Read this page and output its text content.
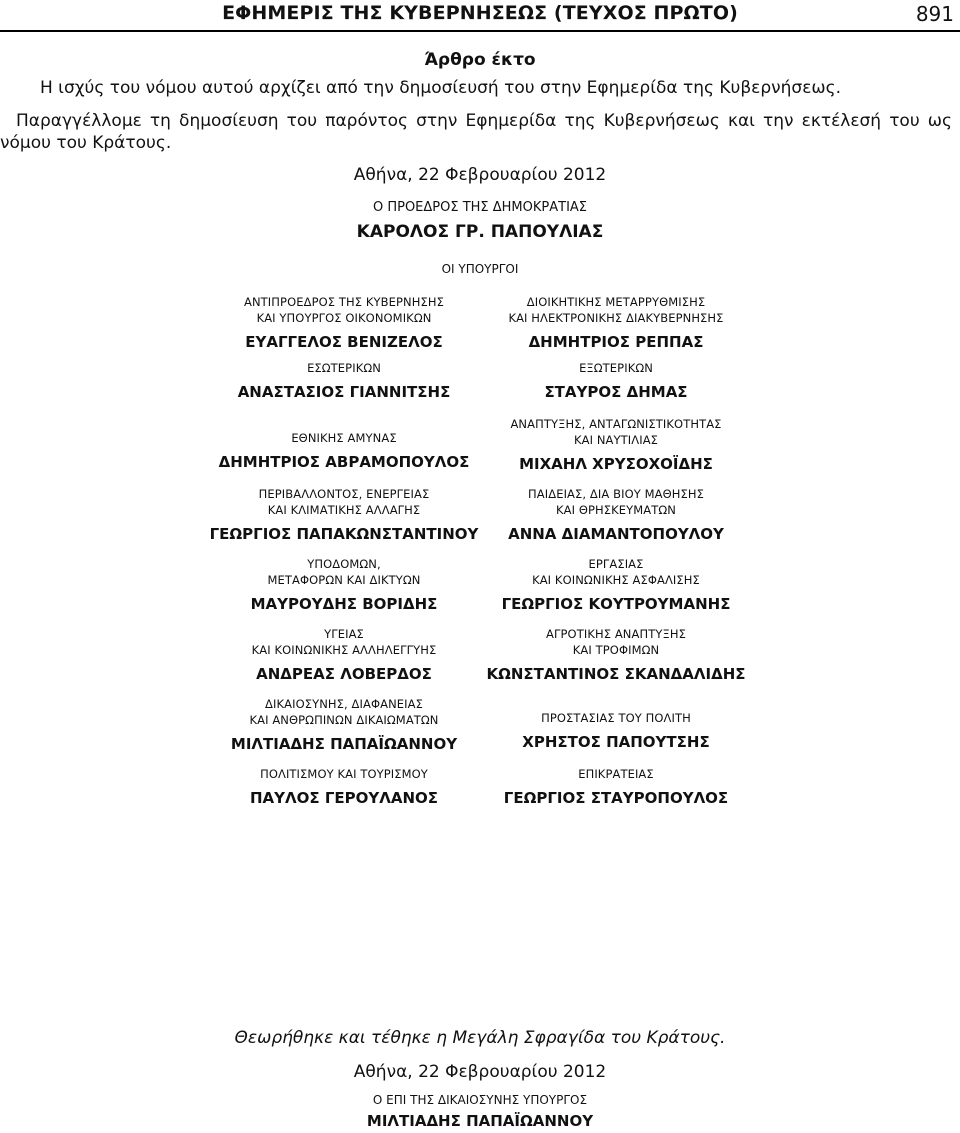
ΕΦΗΜΕΡΙΣ ΤΗΣ ΚΥΒΕΡΝΗΣΕΩΣ (ΤΕΥΧΟΣ ΠΡΩΤΟ)	891
Άρθρο έκτο
Η ισχύς του νόμου αυτού αρχίζει από την δημοσίευσή του στην Εφημερίδα της Κυβερνήσεως.
Παραγγέλλομε τη δημοσίευση του παρόντος στην Εφημερίδα της Κυβερνήσεως και την εκτέλεσή του ως νόμου του Κράτους.
Αθήνα, 22 Φεβρουαρίου 2012
Ο ΠΡΟΕΔΡΟΣ ΤΗΣ ΔΗΜΟΚΡΑΤΙΑΣ
ΚΑΡΟΛΟΣ ΓΡ. ΠΑΠΟΥΛΙΑΣ
ΟΙ ΥΠΟΥΡΓΟΙ
ΑΝΤΙΠΡΟΕΔΡΟΣ ΤΗΣ ΚΥΒΕΡΝΗΣΗΣ
ΚΑΙ ΥΠΟΥΡΓΟΣ ΟΙΚΟΝΟΜΙΚΩΝ
ΕΥΑΓΓΕΛΟΣ ΒΕΝΙΖΕΛΟΣ
ΕΣΩΤΕΡΙΚΩΝ
ΑΝΑΣΤΑΣΙΟΣ ΓΙΑΝΝΙΤΣΗΣ
ΕΘΝΙΚΗΣ ΑΜΥΝΑΣ
ΔΗΜΗΤΡΙΟΣ ΑΒΡΑΜΟΠΟΥΛΟΣ
ΠΕΡΙΒΑΛΛΟΝΤΟΣ, ΕΝΕΡΓΕΙΑΣ
ΚΑΙ ΚΛΙΜΑΤΙΚΗΣ ΑΛΛΑΓΗΣ
ΓΕΩΡΓΙΟΣ ΠΑΠΑΚΩΝΣΤΑΝΤΙΝΟΥ
ΥΠΟΔΟΜΩΝ,
ΜΕΤΑΦΟΡΩΝ ΚΑΙ ΔΙΚΤΥΩΝ
ΜΑΥΡΟΥΔΗΣ ΒΟΡΙΔΗΣ
ΥΓΕΙΑΣ
ΚΑΙ ΚΟΙΝΩΝΙΚΗΣ ΑΛΛΗΛΕΓΓΥΗΣ
ΑΝΔΡΕΑΣ ΛΟΒΕΡΔΟΣ
ΔΙΚΑΙΟΣΥΝΗΣ, ΔΙΑΦΑΝΕΙΑΣ
ΚΑΙ ΑΝΘΡΩΠΙΝΩΝ ΔΙΚΑΙΩΜΑΤΩΝ
ΜΙΛΤΙΑΔΗΣ ΠΑΠΑΪΩΑΝΝΟΥ
ΠΟΛΙΤΙΣΜΟΥ ΚΑΙ ΤΟΥΡΙΣΜΟΥ
ΠΑΥΛΟΣ ΓΕΡΟΥΛΑΝΟΣ
ΔΙΟΙΚΗΤΙΚΗΣ ΜΕΤΑΡΡΥΘΜΙΣΗΣ
ΚΑΙ ΗΛΕΚΤΡΟΝΙΚΗΣ ΔΙΑΚΥΒΕΡΝΗΣΗΣ
ΔΗΜΗΤΡΙΟΣ ΡΕΠΠΑΣ
ΕΞΩΤΕΡΙΚΩΝ
ΣΤΑΥΡΟΣ ΔΗΜΑΣ
ΑΝΑΠΤΥΞΗΣ, ΑΝΤΑΓΩΝΙΣΤΙΚΟΤΗΤΑΣ
ΚΑΙ ΝΑΥΤΙΛΙΑΣ
ΜΙΧΑΗΛ ΧΡΥΣΟΧΟΪΔΗΣ
ΠΑΙΔΕΙΑΣ, ΔΙΑ ΒΙΟΥ ΜΑΘΗΣΗΣ
ΚΑΙ ΘΡΗΣΚΕΥΜΑΤΩΝ
ΑΝΝΑ ΔΙΑΜΑΝΤΟΠΟΥΛΟΥ
ΕΡΓΑΣΙΑΣ
ΚΑΙ ΚΟΙΝΩΝΙΚΗΣ ΑΣΦΑΛΙΣΗΣ
ΓΕΩΡΓΙΟΣ ΚΟΥΤΡΟΥΜΑΝΗΣ
ΑΓΡΟΤΙΚΗΣ ΑΝΑΠΤΥΞΗΣ
ΚΑΙ ΤΡΟΦΙΜΩΝ
ΚΩΝΣΤΑΝΤΙΝΟΣ ΣΚΑΝΔΑΛΙΔΗΣ
ΠΡΟΣΤΑΣΙΑΣ ΤΟΥ ΠΟΛΙΤΗ
ΧΡΗΣΤΟΣ ΠΑΠΟΥΤΣΗΣ
ΕΠΙΚΡΑΤΕΙΑΣ
ΓΕΩΡΓΙΟΣ ΣΤΑΥΡΟΠΟΥΛΟΣ
Θεωρήθηκε και τέθηκε η Μεγάλη Σφραγίδα του Κράτους.
Αθήνα, 22 Φεβρουαρίου 2012
Ο ΕΠΙ ΤΗΣ ΔΙΚΑΙΟΣΥΝΗΣ ΥΠΟΥΡΓΟΣ
ΜΙΛΤΙΑΔΗΣ ΠΑΠΑΪΩΑΝΝΟΥ
